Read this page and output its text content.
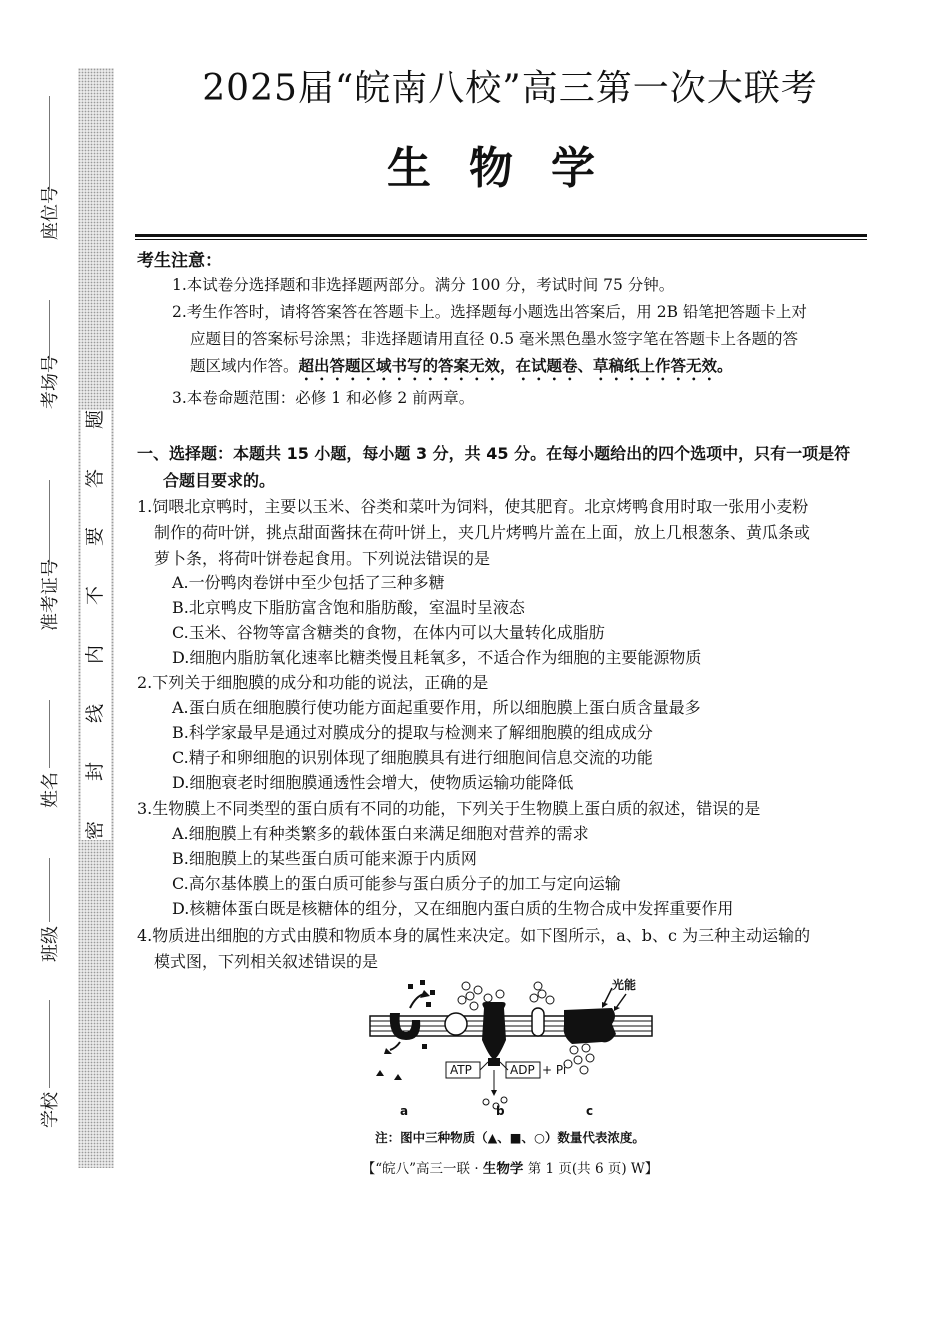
座位号
考场号
准考证号
姓名
班级
学校
题
答
要
不
内
线
封
密
2025届“皖南八校”高三第一次大联考
生物学
考生注意：
1.本试卷分选择题和非选择题两部分。满分 100 分，考试时间 75 分钟。
2.考生作答时，请将答案答在答题卡上。选择题每小题选出答案后，用 2B 铅笔把答题卡上对
应题目的答案标号涂黑；非选择题请用直径 0.5 毫米黑色墨水签字笔在答题卡上各题的答
题区域内作答。超出答题区域书写的答案无效，在试题卷、草稿纸上作答无效。
3.本卷命题范围：必修 1 和必修 2 前两章。
一、选择题：本题共 15 小题，每小题 3 分，共 45 分。在每小题给出的四个选项中，只有一项是符
合题目要求的。
1.饲喂北京鸭时，主要以玉米、谷类和菜叶为饲料，使其肥育。北京烤鸭食用时取一张用小麦粉
制作的荷叶饼，挑点甜面酱抹在荷叶饼上，夹几片烤鸭片盖在上面，放上几根葱条、黄瓜条或
萝卜条，将荷叶饼卷起食用。下列说法错误的是
A.一份鸭肉卷饼中至少包括了三种多糖
B.北京鸭皮下脂肪富含饱和脂肪酸，室温时呈液态
C.玉米、谷物等富含糖类的食物，在体内可以大量转化成脂肪
D.细胞内脂肪氧化速率比糖类慢且耗氧多，不适合作为细胞的主要能源物质
2.下列关于细胞膜的成分和功能的说法，正确的是
A.蛋白质在细胞膜行使功能方面起重要作用，所以细胞膜上蛋白质含量最多
B.科学家最早是通过对膜成分的提取与检测来了解细胞膜的组成成分
C.精子和卵细胞的识别体现了细胞膜具有进行细胞间信息交流的功能
D.细胞衰老时细胞膜通透性会增大，使物质运输功能降低
3.生物膜上不同类型的蛋白质有不同的功能，下列关于生物膜上蛋白质的叙述，错误的是
A.细胞膜上有种类繁多的载体蛋白来满足细胞对营养的需求
B.细胞膜上的某些蛋白质可能来源于内质网
C.高尔基体膜上的蛋白质可能参与蛋白质分子的加工与定向运输
D.核糖体蛋白既是核糖体的组分，又在细胞内蛋白质的生物合成中发挥重要作用
4.物质进出细胞的方式由膜和物质本身的属性来决定。如下图所示，a、b、c 为三种主动运输的
模式图，下列相关叙述错误的是
光能
ATP	ADP + Pi
a	b	c
注：图中三种物质（▲、■、○）数量代表浓度。
【“皖八”高三一联 · 生物学 第 1 页(共 6 页) W】
